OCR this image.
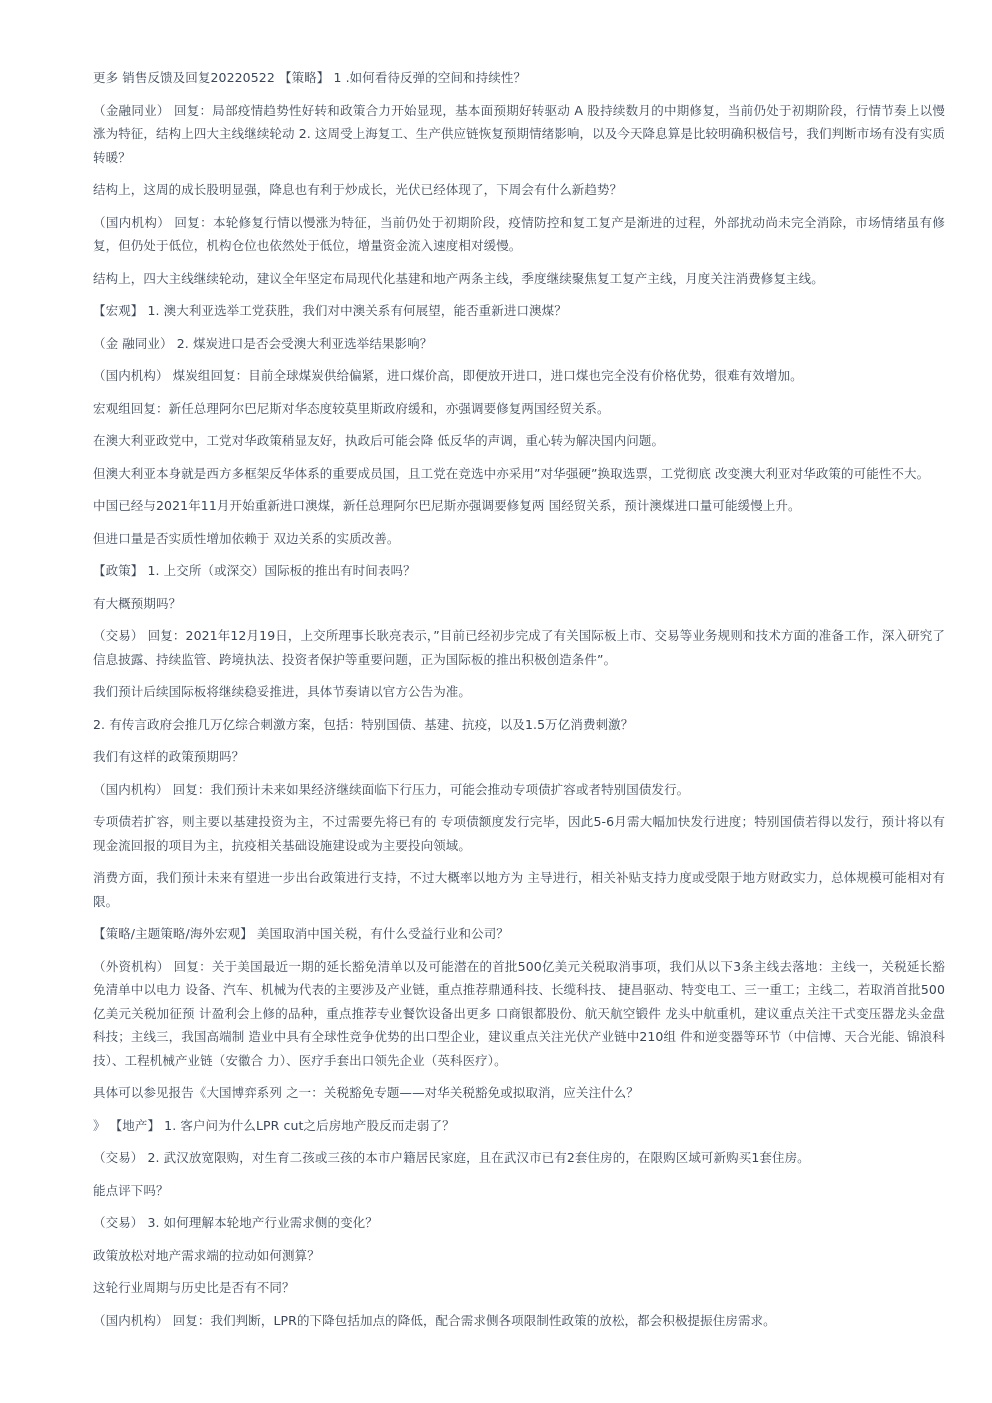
更多 销售反馈及回复20220522 【策略】 1 .如何看待反弹的空间和持续性？

（金融同业） 回复：局部疫情趋势性好转和政策合力开始显现，基本面预期好转驱动 A 股持续数月的中期修复，当前仍处于初期阶段，行情节奏上以慢涨为特征，结构上四大主线继续轮动 2. 这周受上海复工、生产供应链恢复预期情绪影响，以及今天降息算是比较明确积极信号，我们判断市场有没有实质转暖？

结构上，这周的成长股明显强，降息也有利于炒成长，光伏已经体现了，下周会有什么新趋势？

（国内机构） 回复：本轮修复行情以慢涨为特征，当前仍处于初期阶段，疫情防控和复工复产是渐进的过程，外部扰动尚未完全消除，市场情绪虽有修复，但仍处于低位，机构仓位也依然处于低位，增量资金流入速度相对缓慢。

结构上，四大主线继续轮动，建议全年坚定布局现代化基建和地产两条主线，季度继续聚焦复工复产主线，月度关注消费修复主线。

【宏观】 1. 澳大利亚选举工党获胜，我们对中澳关系有何展望，能否重新进口澳煤？

（金 融同业） 2. 煤炭进口是否会受澳大利亚选举结果影响？

（国内机构） 煤炭组回复：目前全球煤炭供给偏紧，进口煤价高，即便放开进口，进口煤也完全没有价格优势，很难有效增加。

宏观组回复：新任总理阿尔巴尼斯对华态度较莫里斯政府缓和，亦强调要修复两国经贸关系。

在澳大利亚政党中，工党对华政策稍显友好，执政后可能会降 低反华的声调，重心转为解决国内问题。

但澳大利亚本身就是西方多框架反华体系的重要成员国，且工党在竞选中亦采用”对华强硬”换取选票，工党彻底 改变澳大利亚对华政策的可能性不大。

中国已经与2021年11月开始重新进口澳煤，新任总理阿尔巴尼斯亦强调要修复两 国经贸关系，预计澳煤进口量可能缓慢上升。

但进口量是否实质性增加依赖于 双边关系的实质改善。

【政策】 1. 上交所（或深交）国际板的推出有时间表吗？

有大概预期吗？

（交易） 回复：2021年12月19日，上交所理事长耿亮表示，”目前已经初步完成了有关国际板上市、交易等业务规则和技术方面的准备工作，深入研究了信息披露、持续监管、跨境执法、投资者保护等重要问题，正为国际板的推出积极创造条件”。

我们预计后续国际板将继续稳妥推进，具体节奏请以官方公告为准。

2. 有传言政府会推几万亿综合刺激方案，包括：特别国债、基建、抗疫，以及1.5万亿消费刺激？

我们有这样的政策预期吗？

（国内机构） 回复：我们预计未来如果经济继续面临下行压力，可能会推动专项债扩容或者特别国债发行。

专项债若扩容，则主要以基建投资为主，不过需要先将已有的 专项债额度发行完毕，因此5-6月需大幅加快发行进度；特别国债若得以发行，预计将以有现金流回报的项目为主，抗疫相关基础设施建设或为主要投向领域。

消费方面，我们预计未来有望进一步出台政策进行支持，不过大概率以地方为 主导进行，相关补贴支持力度或受限于地方财政实力，总体规模可能相对有限。

【策略/主题策略/海外宏观】 美国取消中国关税，有什么受益行业和公司？

（外资机构） 回复：关于美国最近一期的延长豁免清单以及可能潜在的首批500亿美元关税取消事项，我们从以下3条主线去落地：主线一，关税延长豁免清单中以电力 设备、汽车、机械为代表的主要涉及产业链，重点推荐鼎通科技、长缆科技、 捷昌驱动、特变电工、三一重工；主线二，若取消首批500亿美元关税加征预 计盈利会上修的品种，重点推荐专业餐饮设备出更多 口商银都股份、航天航空锻件 龙头中航重机，建议重点关注干式变压器龙头金盘科技；主线三，我国高端制 造业中具有全球性竞争优势的出口型企业，建议重点关注光伏产业链中210组 件和逆变器等环节（中信博、天合光能、锦浪科技）、工程机械产业链（安徽合 力）、医疗手套出口领先企业（英科医疗）。

具体可以参见报告《大国博弈系列 之一：关税豁免专题——对华关税豁免或拟取消，应关注什么？

》 【地产】 1. 客户问为什么LPR cut之后房地产股反而走弱了？

（交易） 2. 武汉放宽限购，对生育二孩或三孩的本市户籍居民家庭，且在武汉市已有2套住房的，在限购区域可新购买1套住房。

能点评下吗？

（交易） 3. 如何理解本轮地产行业需求侧的变化？

政策放松对地产需求端的拉动如何测算？

这轮行业周期与历史比是否有不同？

（国内机构） 回复：我们判断，LPR的下降包括加点的降低，配合需求侧各项限制性政策的放松，都会积极提振住房需求。
